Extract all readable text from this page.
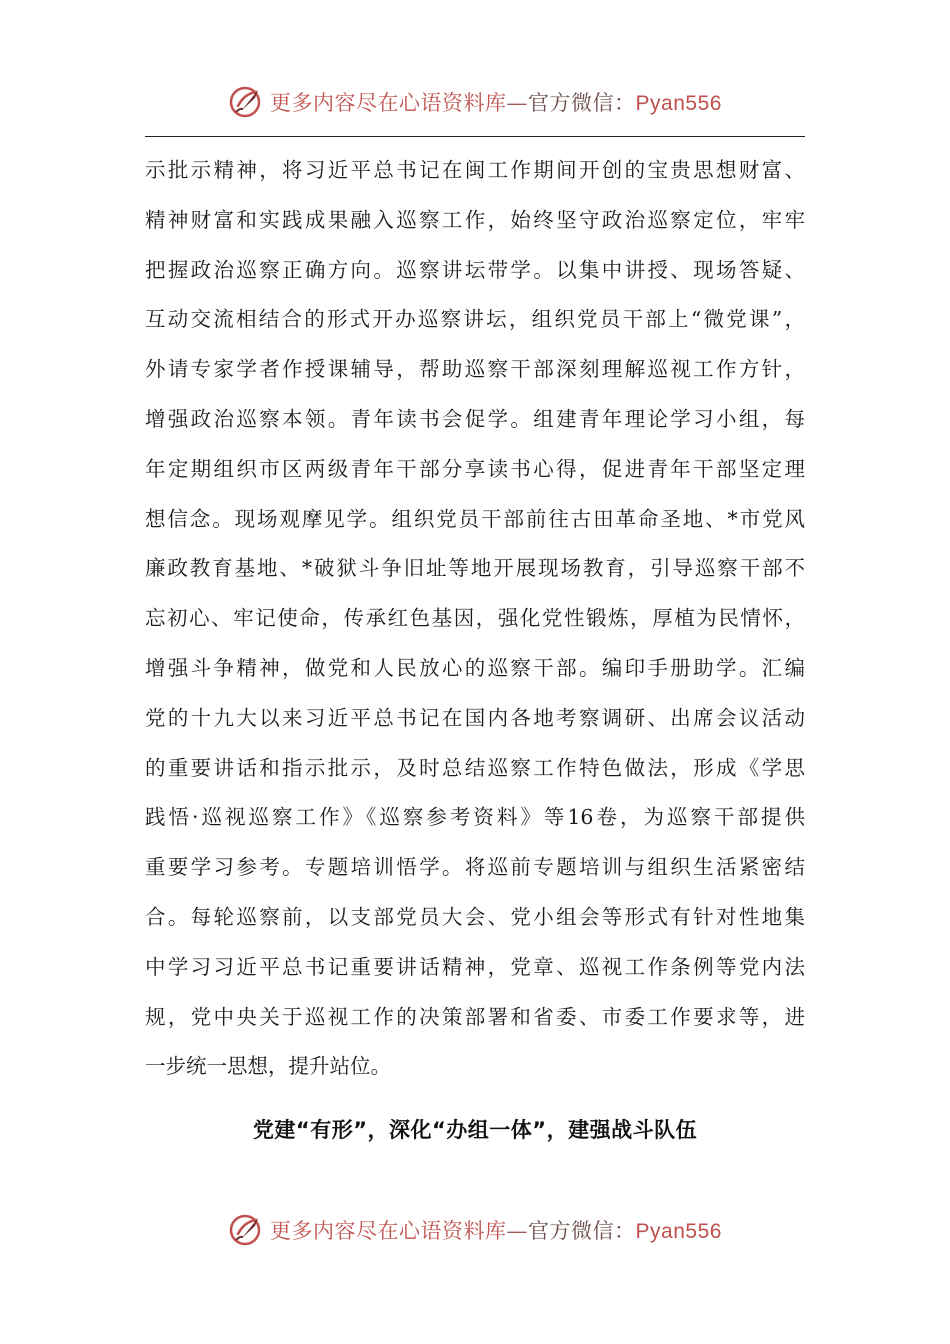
更多内容尽在心语资料库—官方微信：Pyan556
示批示精神，将习近平总书记在闽工作期间开创的宝贵思想财富、
精神财富和实践成果融入巡察工作，始终坚守政治巡察定位，牢牢
把握政治巡察正确方向。巡察讲坛带学。以集中讲授、现场答疑、
互动交流相结合的形式开办巡察讲坛，组织党员干部上“微党课”，
外请专家学者作授课辅导，帮助巡察干部深刻理解巡视工作方针，
增强政治巡察本领。青年读书会促学。组建青年理论学习小组，每
年定期组织市区两级青年干部分享读书心得，促进青年干部坚定理
想信念。现场观摩见学。组织党员干部前往古田革命圣地、*市党风
廉政教育基地、*破狱斗争旧址等地开展现场教育，引导巡察干部不
忘初心、牢记使命，传承红色基因，强化党性锻炼，厚植为民情怀，
增强斗争精神，做党和人民放心的巡察干部。编印手册助学。汇编
党的十九大以来习近平总书记在国内各地考察调研、出席会议活动
的重要讲话和指示批示，及时总结巡察工作特色做法，形成《学思
践悟·巡视巡察工作》《巡察参考资料》等16卷，为巡察干部提供
重要学习参考。专题培训悟学。将巡前专题培训与组织生活紧密结
合。每轮巡察前，以支部党员大会、党小组会等形式有针对性地集
中学习习近平总书记重要讲话精神，党章、巡视工作条例等党内法
规，党中央关于巡视工作的决策部署和省委、市委工作要求等，进
一步统一思想，提升站位。
党建“有形”，深化“办组一体”，建强战斗队伍
更多内容尽在心语资料库—官方微信：Pyan556
